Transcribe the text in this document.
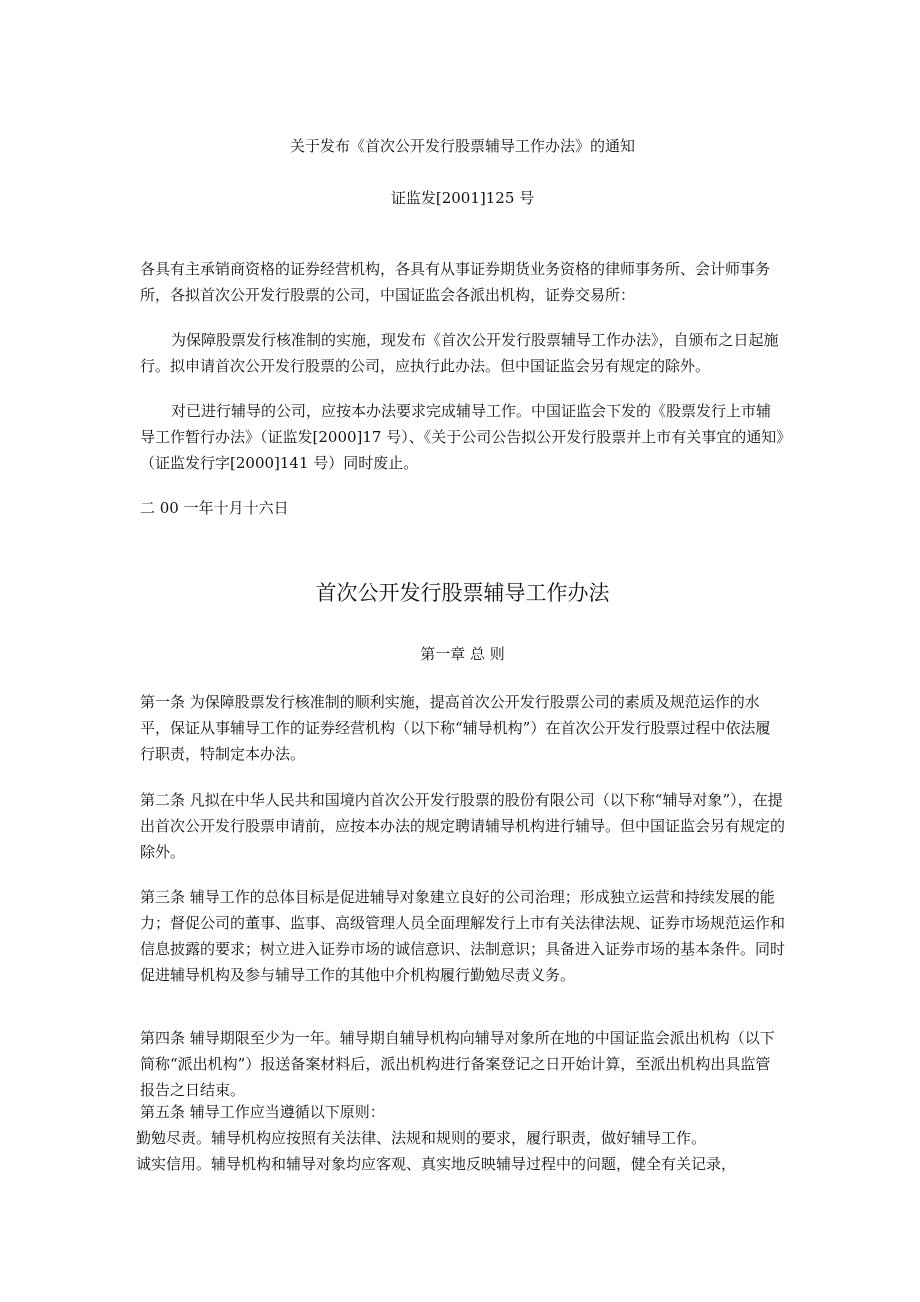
关于发布《首次公开发行股票辅导工作办法》的通知

证监发[2001]125 号

各具有主承销商资格的证券经营机构，各具有从事证券期货业务资格的律师事务所、会计师事务所，各拟首次公开发行股票的公司，中国证监会各派出机构，证券交易所：

为保障股票发行核准制的实施，现发布《首次公开发行股票辅导工作办法》，自颁布之日起施行。拟申请首次公开发行股票的公司，应执行此办法。但中国证监会另有规定的除外。

对已进行辅导的公司，应按本办法要求完成辅导工作。中国证监会下发的《股票发行上市辅导工作暂行办法》（证监发[2000]17 号）、《关于公司公告拟公开发行股票并上市有关事宜的通知》（证监发行字[2000]141 号）同时废止。

二 00 一年十月十六日

首次公开发行股票辅导工作办法

第一章 总 则

第一条 为保障股票发行核准制的顺利实施，提高首次公开发行股票公司的素质及规范运作的水平，保证从事辅导工作的证券经营机构（以下称“辅导机构”）在首次公开发行股票过程中依法履行职责，特制定本办法。

第二条 凡拟在中华人民共和国境内首次公开发行股票的股份有限公司（以下称“辅导对象”），在提出首次公开发行股票申请前，应按本办法的规定聘请辅导机构进行辅导。但中国证监会另有规定的除外。

第三条 辅导工作的总体目标是促进辅导对象建立良好的公司治理；形成独立运营和持续发展的能力；督促公司的董事、监事、高级管理人员全面理解发行上市有关法律法规、证券市场规范运作和信息披露的要求；树立进入证券市场的诚信意识、法制意识；具备进入证券市场的基本条件。同时促进辅导机构及参与辅导工作的其他中介机构履行勤勉尽责义务。

第四条 辅导期限至少为一年。辅导期自辅导机构向辅导对象所在地的中国证监会派出机构（以下简称“派出机构”）报送备案材料后，派出机构进行备案登记之日开始计算，至派出机构出具监管报告之日结束。

第五条 辅导工作应当遵循以下原则：
勤勉尽责。辅导机构应按照有关法律、法规和规则的要求，履行职责，做好辅导工作。
诚实信用。辅导机构和辅导对象均应客观、真实地反映辅导过程中的问题，健全有关记录，
